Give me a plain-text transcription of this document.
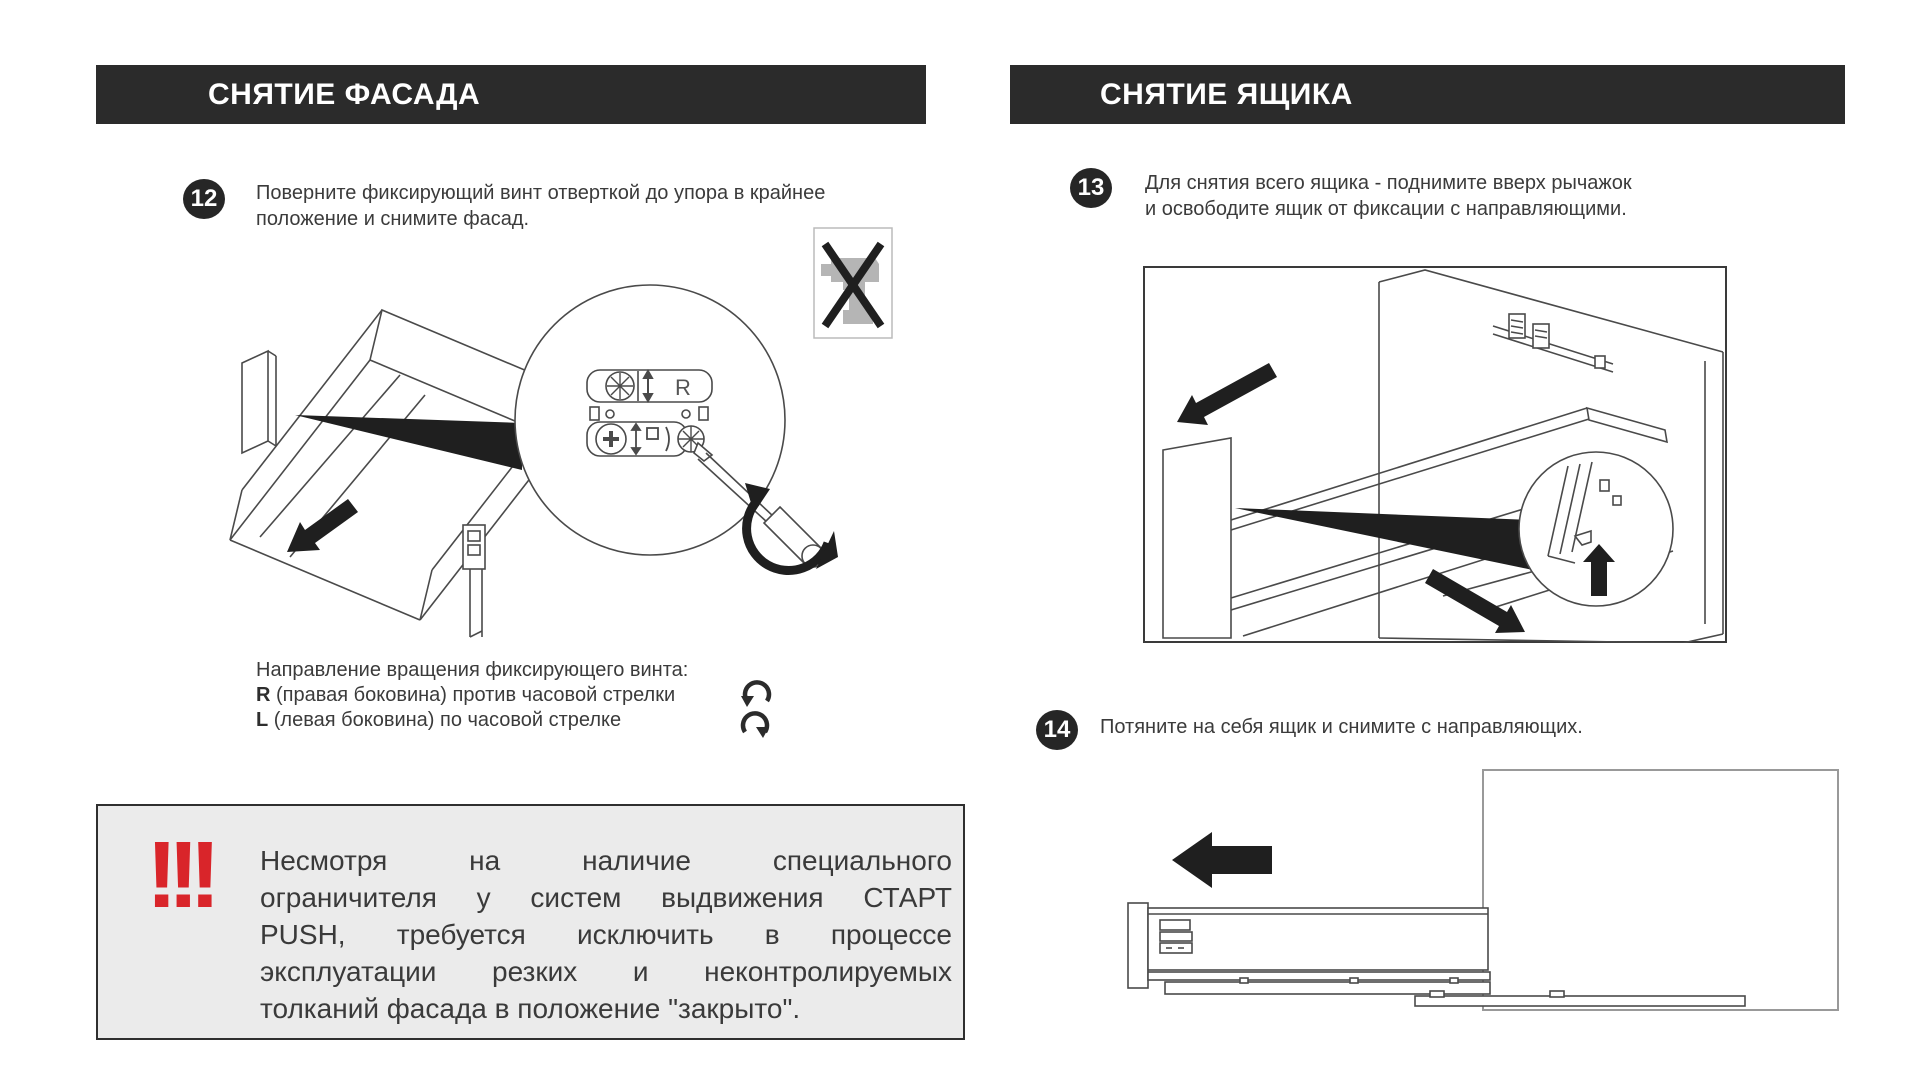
СНЯТИЕ ФАСАДА	СНЯТИЕ ЯЩИКА
12	Поверните фиксирующий винт отверткой до упора в крайнее
положение и снимите фасад.
R
Направление вращения фиксирующего винта:
R (правая боковина) против часовой стрелки
L (левая боковина) по часовой стрелке
!!! Несмотря на наличие специального
ограничителя у систем выдвижения СТАРТ
PUSH, требуется исключить в процессе
эксплуатации резких и неконтролируемых
толканий фасада в положение "закрыто".
13	Для снятия всего ящика - поднимите вверх рычажок
и освободите ящик от фиксации с направляющими.
14	Потяните на себя ящик и снимите с направляющих.
